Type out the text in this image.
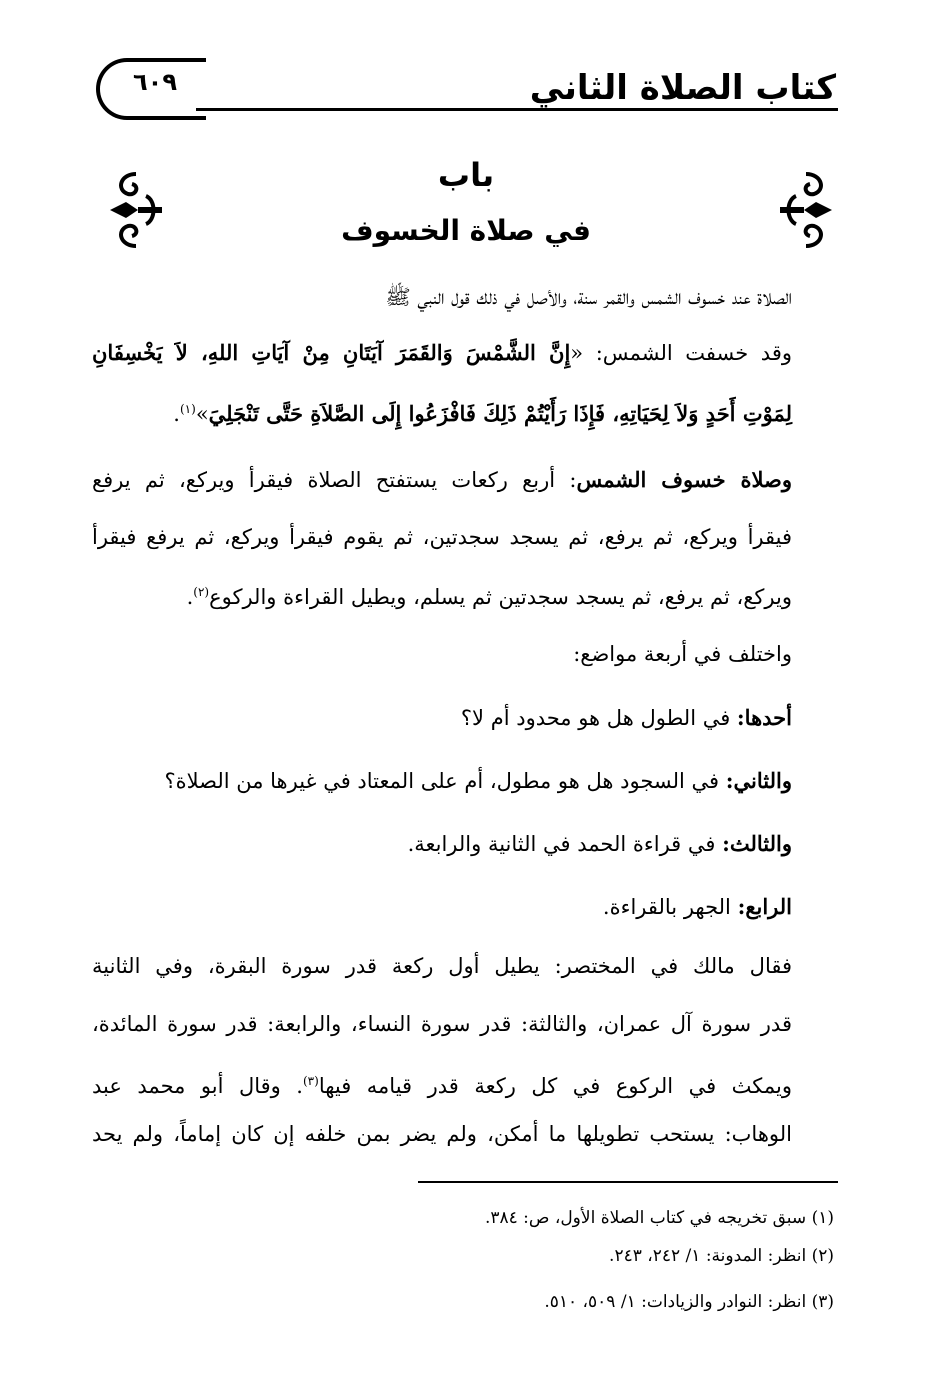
كتاب الصلاة الثاني
٦٠٩
باب
في صلاة الخسوف
الصلاة عند خسوف الشمس والقمر سنة، والأصل في ذلك قول النبي ﷺ
وقد خسفت الشمس: «إِنَّ الشَّمْسَ وَالقَمَرَ آيَتَانِ مِنْ آيَاتِ اللهِ، لاَ يَخْسِفَانِ
لِمَوْتِ أَحَدٍ وَلاَ لِحَيَاتِهِ، فَإِذَا رَأَيْتُمْ ذَلِكَ فَافْزَعُوا إِلَى الصَّلاَةِ حَتَّى تَنْجَلِيَ»$^{(١)}$.
وصلاة خسوف الشمس: أربع ركعات يستفتح الصلاة فيقرأ ويركع، ثم يرفع
فيقرأ ويركع، ثم يرفع، ثم يسجد سجدتين، ثم يقوم فيقرأ ويركع، ثم يرفع فيقرأ
ويركع، ثم يرفع، ثم يسجد سجدتين ثم يسلم، ويطيل القراءة والركوع$^{(٢)}$.
واختلف في أربعة مواضع:
أحدها: في الطول هل هو محدود أم لا؟
والثاني: في السجود هل هو مطول، أم على المعتاد في غيرها من الصلاة؟
والثالث: في قراءة الحمد في الثانية والرابعة.
الرابع: الجهر بالقراءة.
فقال مالك في المختصر: يطيل أول ركعة قدر سورة البقرة، وفي الثانية
قدر سورة آل عمران، والثالثة: قدر سورة النساء، والرابعة: قدر سورة المائدة،
ويمكث في الركوع في كل ركعة قدر قيامه فيها$^{(٣)}$. وقال أبو محمد عبد
الوهاب: يستحب تطويلها ما أمكن، ولم يضر بمن خلفه إن كان إماماً، ولم يحد
(١) سبق تخريجه في كتاب الصلاة الأول، ص: ٣٨٤.
(٢) انظر: المدونة: ١/ ٢٤٢، ٢٤٣.
(٣) انظر: النوادر والزيادات: ١/ ٥٠٩، ٥١٠.
